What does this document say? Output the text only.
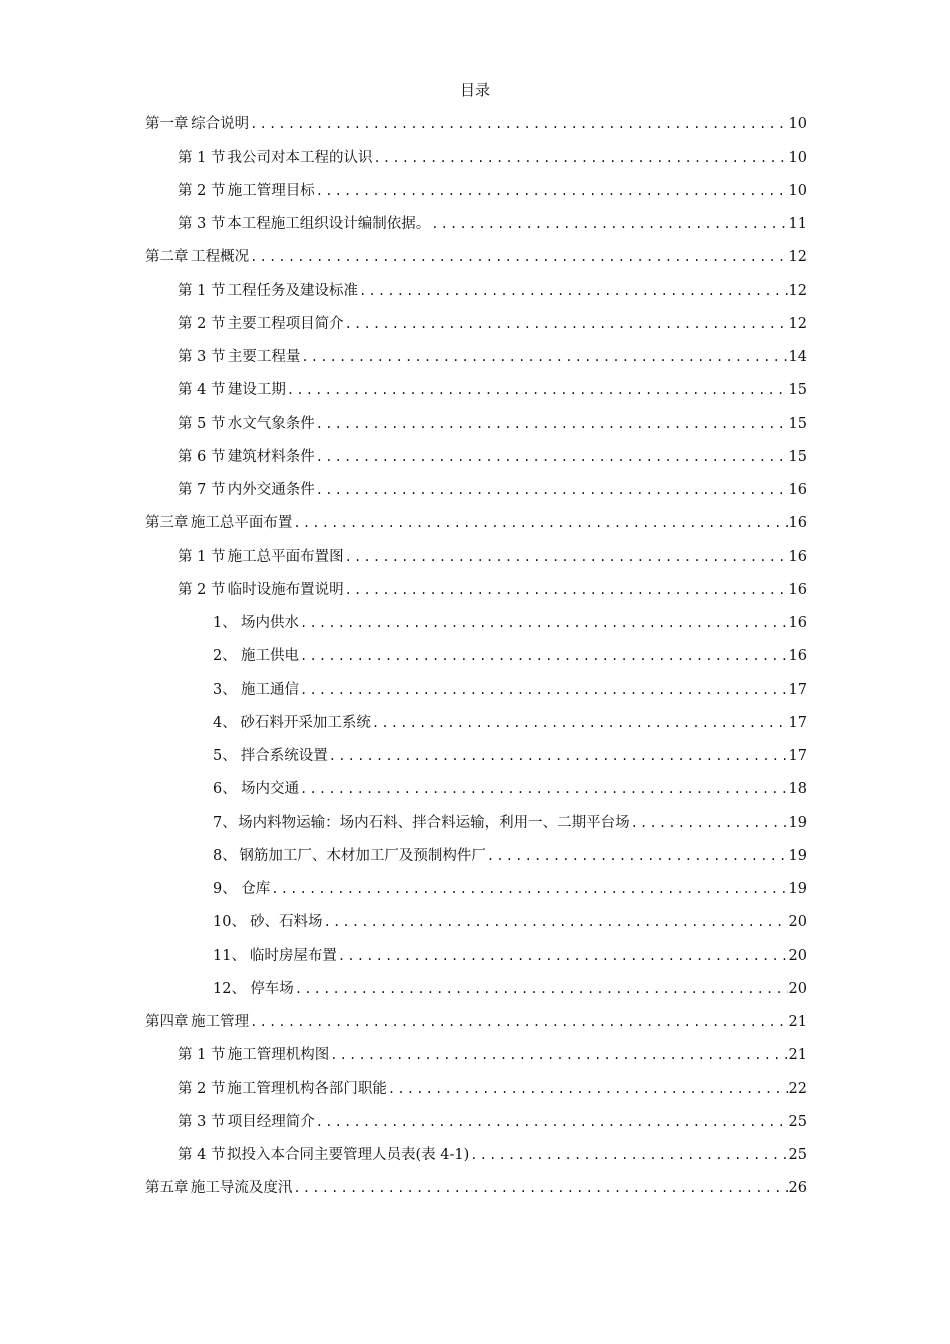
目录
第一章 综合说明 .....	10
第 1 节 我公司对本工程的认识 .....	10
第 2 节 施工管理目标 .....	10
第 3 节 本工程施工组织设计编制依据。 .....	11
第二章 工程概况 .....	12
第 1 节 工程任务及建设标准 .....	12
第 2 节 主要工程项目简介 .....	12
第 3 节 主要工程量 .....	14
第 4 节 建设工期 .....	15
第 5 节 水文气象条件 .....	15
第 6 节 建筑材料条件 .....	15
第 7 节 内外交通条件 .....	16
第三章 施工总平面布置 .....	16
第 1 节 施工总平面布置图 .....	16
第 2 节 临时设施布置说明 .....	16
1、 场内供水 .....	16
2、 施工供电 .....	16
3、 施工通信 .....	17
4、 砂石料开采加工系统 .....	17
5、 拌合系统设置 .....	17
6、 场内交通 .....	18
7、 场内料物运输：场内石料、拌合料运输，利用一、二期平台场 .....	19
8、 钢筋加工厂、木材加工厂及预制构件厂 .....	19
9、 仓库 .....	19
10、 砂、石料场 .....	20
11、 临时房屋布置 .....	20
12、 停车场 .....	20
第四章 施工管理 .....	21
第 1 节 施工管理机构图 .....	21
第 2 节 施工管理机构各部门职能 .....	22
第 3 节 项目经理简介 .....	25
第 4 节 拟投入本合同主要管理人员表(表 4-1) .....	25
第五章 施工导流及度汛 .....	26
